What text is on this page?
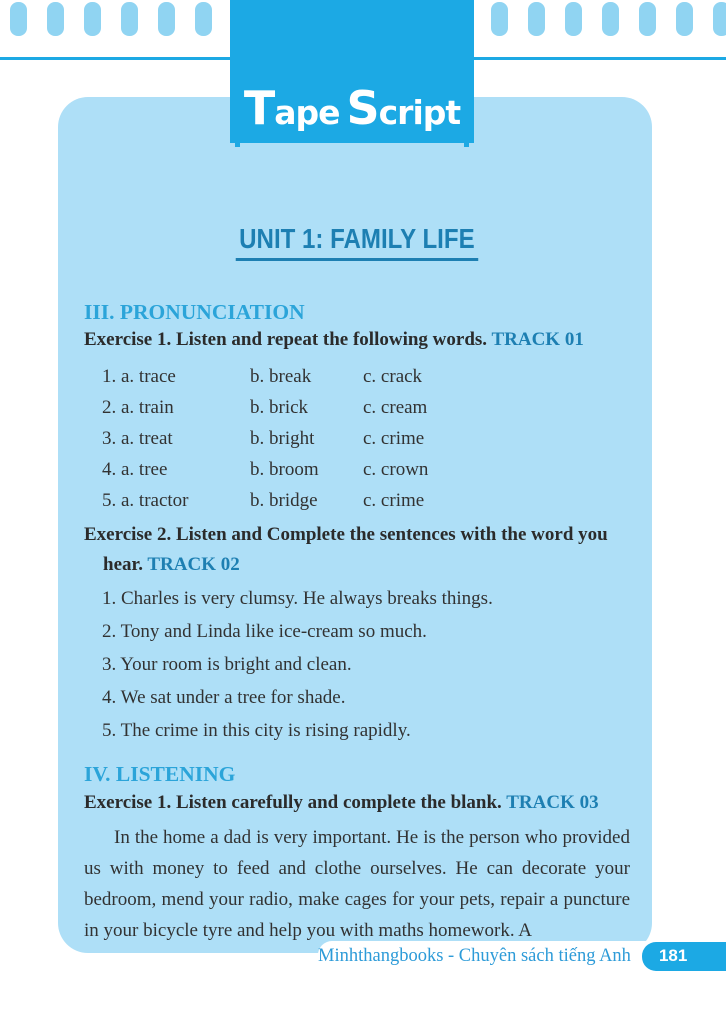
Tape Script
UNIT 1: FAMILY LIFE
III. PRONUNCIATION
Exercise 1. Listen and repeat the following words. TRACK 01
1. a. trace	b. break	c. crack
2. a. train	b. brick	c. cream
3. a. treat	b. bright	c. crime
4. a. tree	b. broom	c. crown
5. a. tractor	b. bridge	c. crime
Exercise 2. Listen and Complete the sentences with the word you hear. TRACK 02
1. Charles is very clumsy. He always breaks things.
2. Tony and Linda like ice-cream so much.
3. Your room is bright and clean.
4. We sat under a tree for shade.
5. The crime in this city is rising rapidly.
IV. LISTENING
Exercise 1. Listen carefully and complete the blank. TRACK 03
In the home a dad is very important. He is the person who provided us with money to feed and clothe ourselves. He can decorate your bedroom, mend your radio, make cages for your pets, repair a puncture in your bicycle tyre and help you with maths homework. A
Minhthangbooks - Chuyên sách tiếng Anh 181
